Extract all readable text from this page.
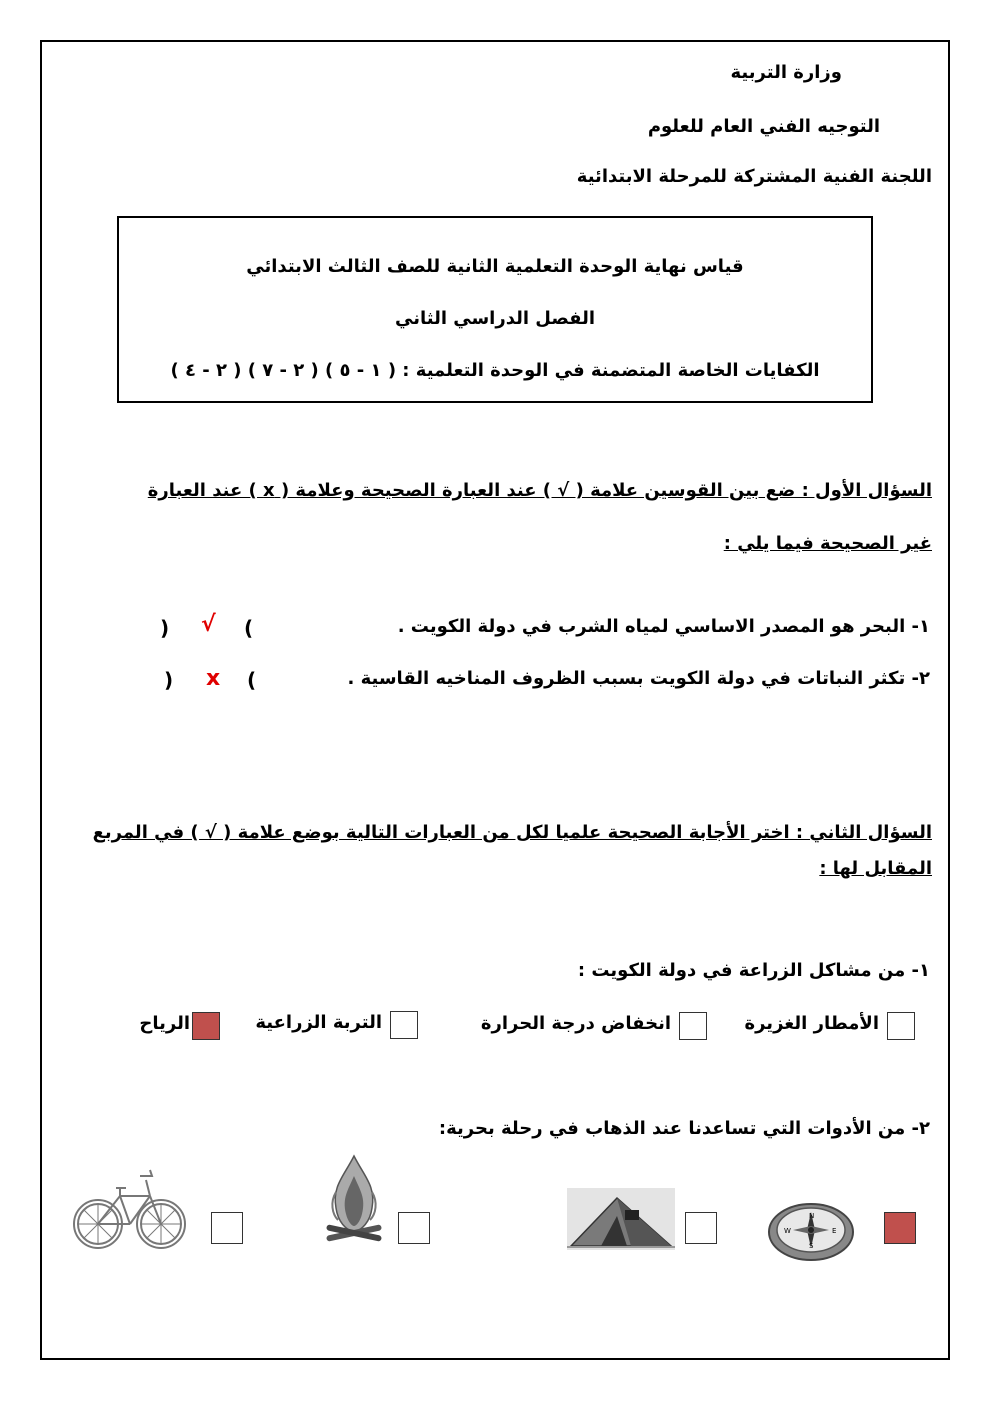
وزارة التربية
التوجيه الفني العام للعلوم
اللجنة الفنية المشتركة للمرحلة الابتدائية
قياس نهاية الوحدة التعلمية الثانية للصف الثالث الابتدائي
الفصل الدراسي الثاني
الكفايات الخاصة المتضمنة في الوحدة التعلمية : ( ١ - ٥ ) ( ٢ - ٧ ) ( ٢ - ٤ )
السؤال الأول : ضع بين القوسين علامة ( √ ) عند العبارة الصحيحة وعلامة ( x ) عند العبارة
غير الصحيحة فيما يلي :
١- البحر هو المصدر الاساسي لمياه الشرب في دولة الكويت .
(
√
)
٢- تكثر النباتات في دولة الكويت بسبب الظروف المناخيه القاسية .
(
x
)
السؤال الثاني : اختر الأجابة الصحيحة علميا لكل من العبارات التالية بوضع علامة ( √ ) في المربع
المقابل لها :
١- من مشاكل الزراعة في دولة الكويت :
الأمطار الغزيرة
انخفاض درجة الحرارة
التربة الزراعية
الرياح
٢- من الأدوات التي تساعدنا عند الذهاب في رحلة بحرية:
N
S
W	E
